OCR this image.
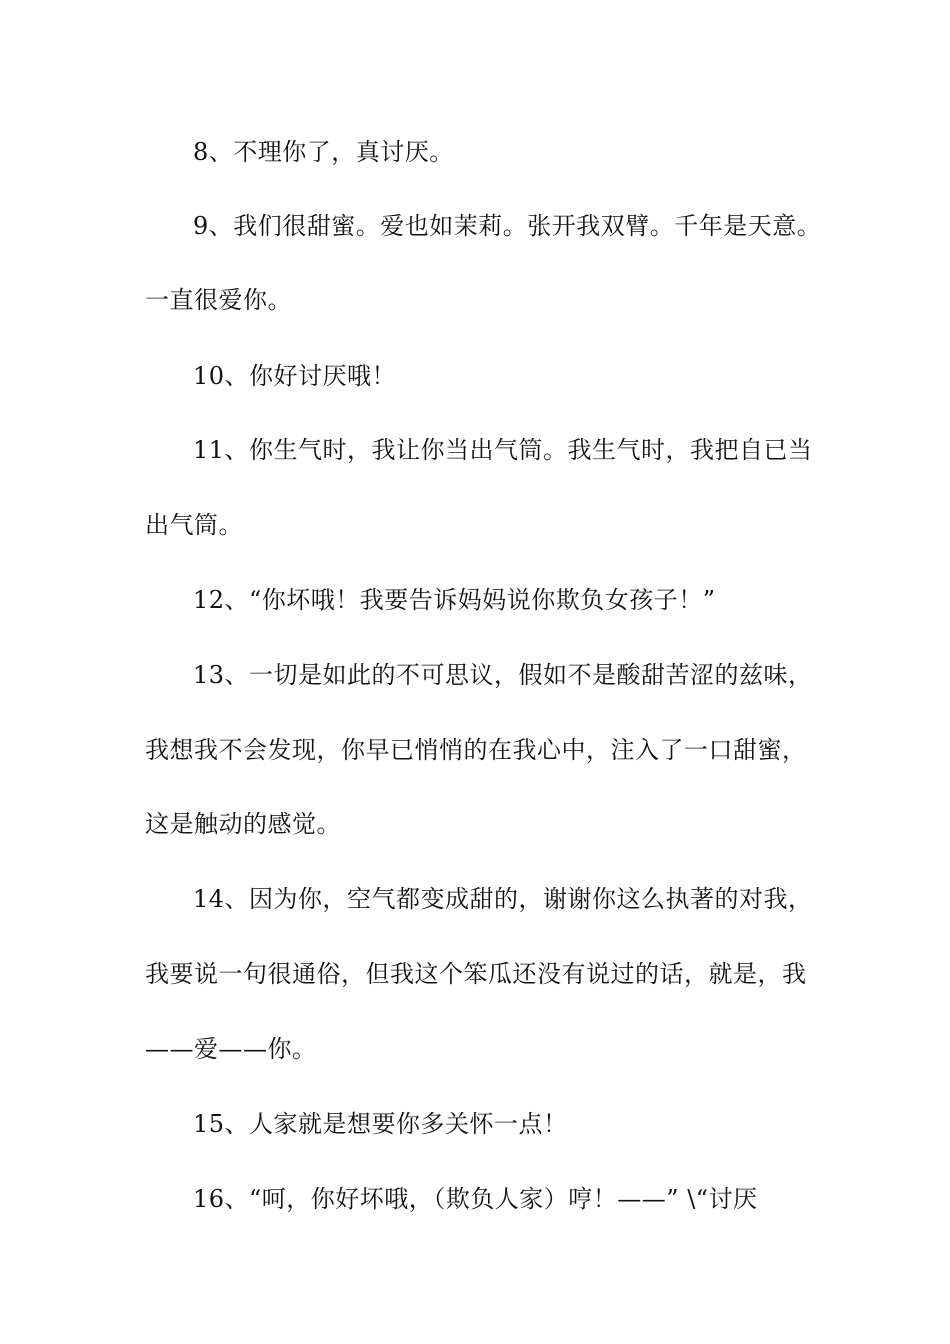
8、不理你了，真讨厌。
9、我们很甜蜜。爱也如茉莉。张开我双臂。千年是天意。
一直很爱你。
10、你好讨厌哦！
11、你生气时，我让你当出气筒。我生气时，我把自已当
出气筒。
12、“你坏哦！我要告诉妈妈说你欺负女孩子！”
13、一切是如此的不可思议，假如不是酸甜苦涩的兹味，
我想我不会发现，你早已悄悄的在我心中，注入了一口甜蜜，
这是触动的感觉。
14、因为你，空气都变成甜的，谢谢你这么执著的对我，
我要说一句很通俗，但我这个笨瓜还没有说过的话，就是，我
——爱——你。
15、人家就是想要你多关怀一点！
16、“呵，你好坏哦，（欺负人家）哼！——” \“讨厌
